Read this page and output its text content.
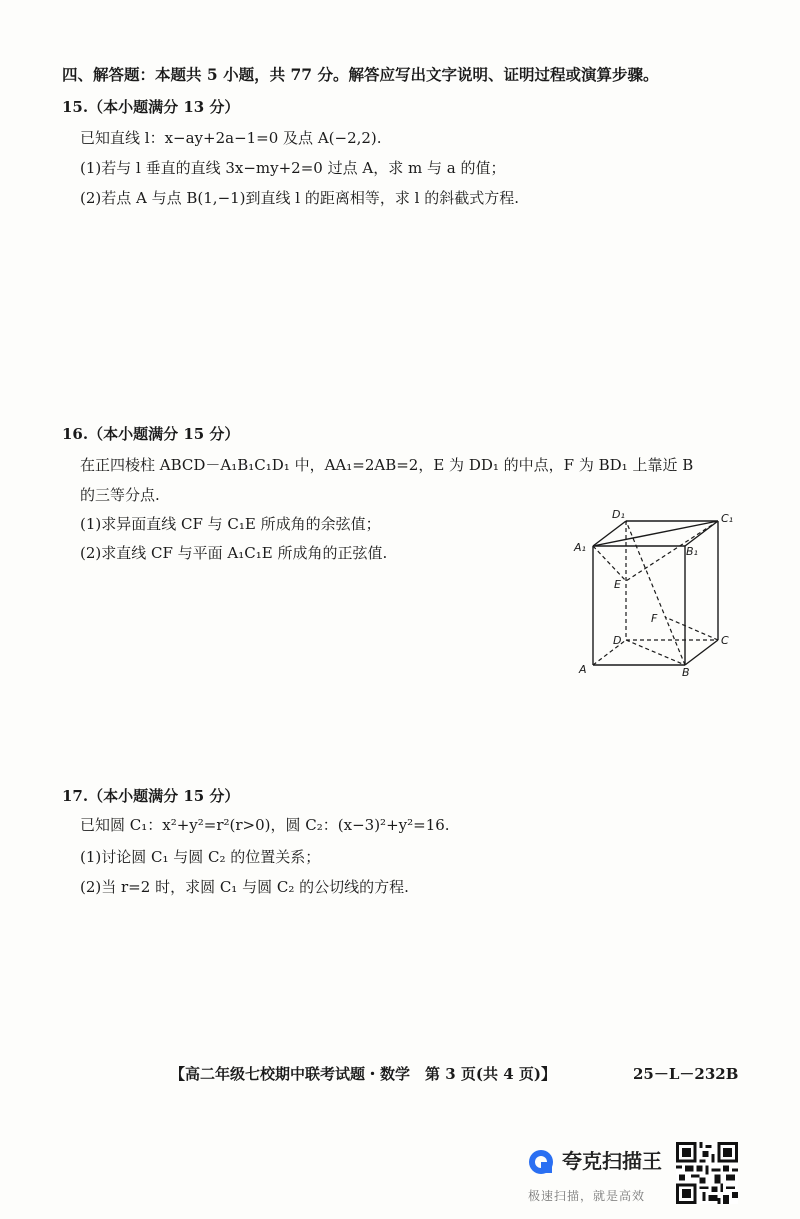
四、解答题：本题共 5 小题，共 77 分。解答应写出文字说明、证明过程或演算步骤。
15.（本小题满分 13 分）
已知直线 l：x−ay+2a−1=0 及点 A(−2,2).
(1)若与 l 垂直的直线 3x−my+2=0 过点 A，求 m 与 a 的值；
(2)若点 A 与点 B(1,−1)到直线 l 的距离相等，求 l 的斜截式方程.
16.（本小题满分 15 分）
在正四棱柱 ABCD－A₁B₁C₁D₁ 中，AA₁=2AB=2，E 为 DD₁ 的中点，F 为 BD₁ 上靠近 B
的三等分点.
(1)求异面直线 CF 与 C₁E 所成角的余弦值；
(2)求直线 CF 与平面 A₁C₁E 所成角的正弦值.
D₁	C₁
A₁	B₁
E
F
D	C
A	B
17.（本小题满分 15 分）
已知圆 C₁：x²+y²=r²(r>0)，圆 C₂：(x−3)²+y²=16.
(1)讨论圆 C₁ 与圆 C₂ 的位置关系；
(2)当 r=2 时，求圆 C₁ 与圆 C₂ 的公切线的方程.
【高二年级七校期中联考试题・数学　第 3 页(共 4 页)】	25－L－232B
夸克扫描王
极速扫描，就是高效
